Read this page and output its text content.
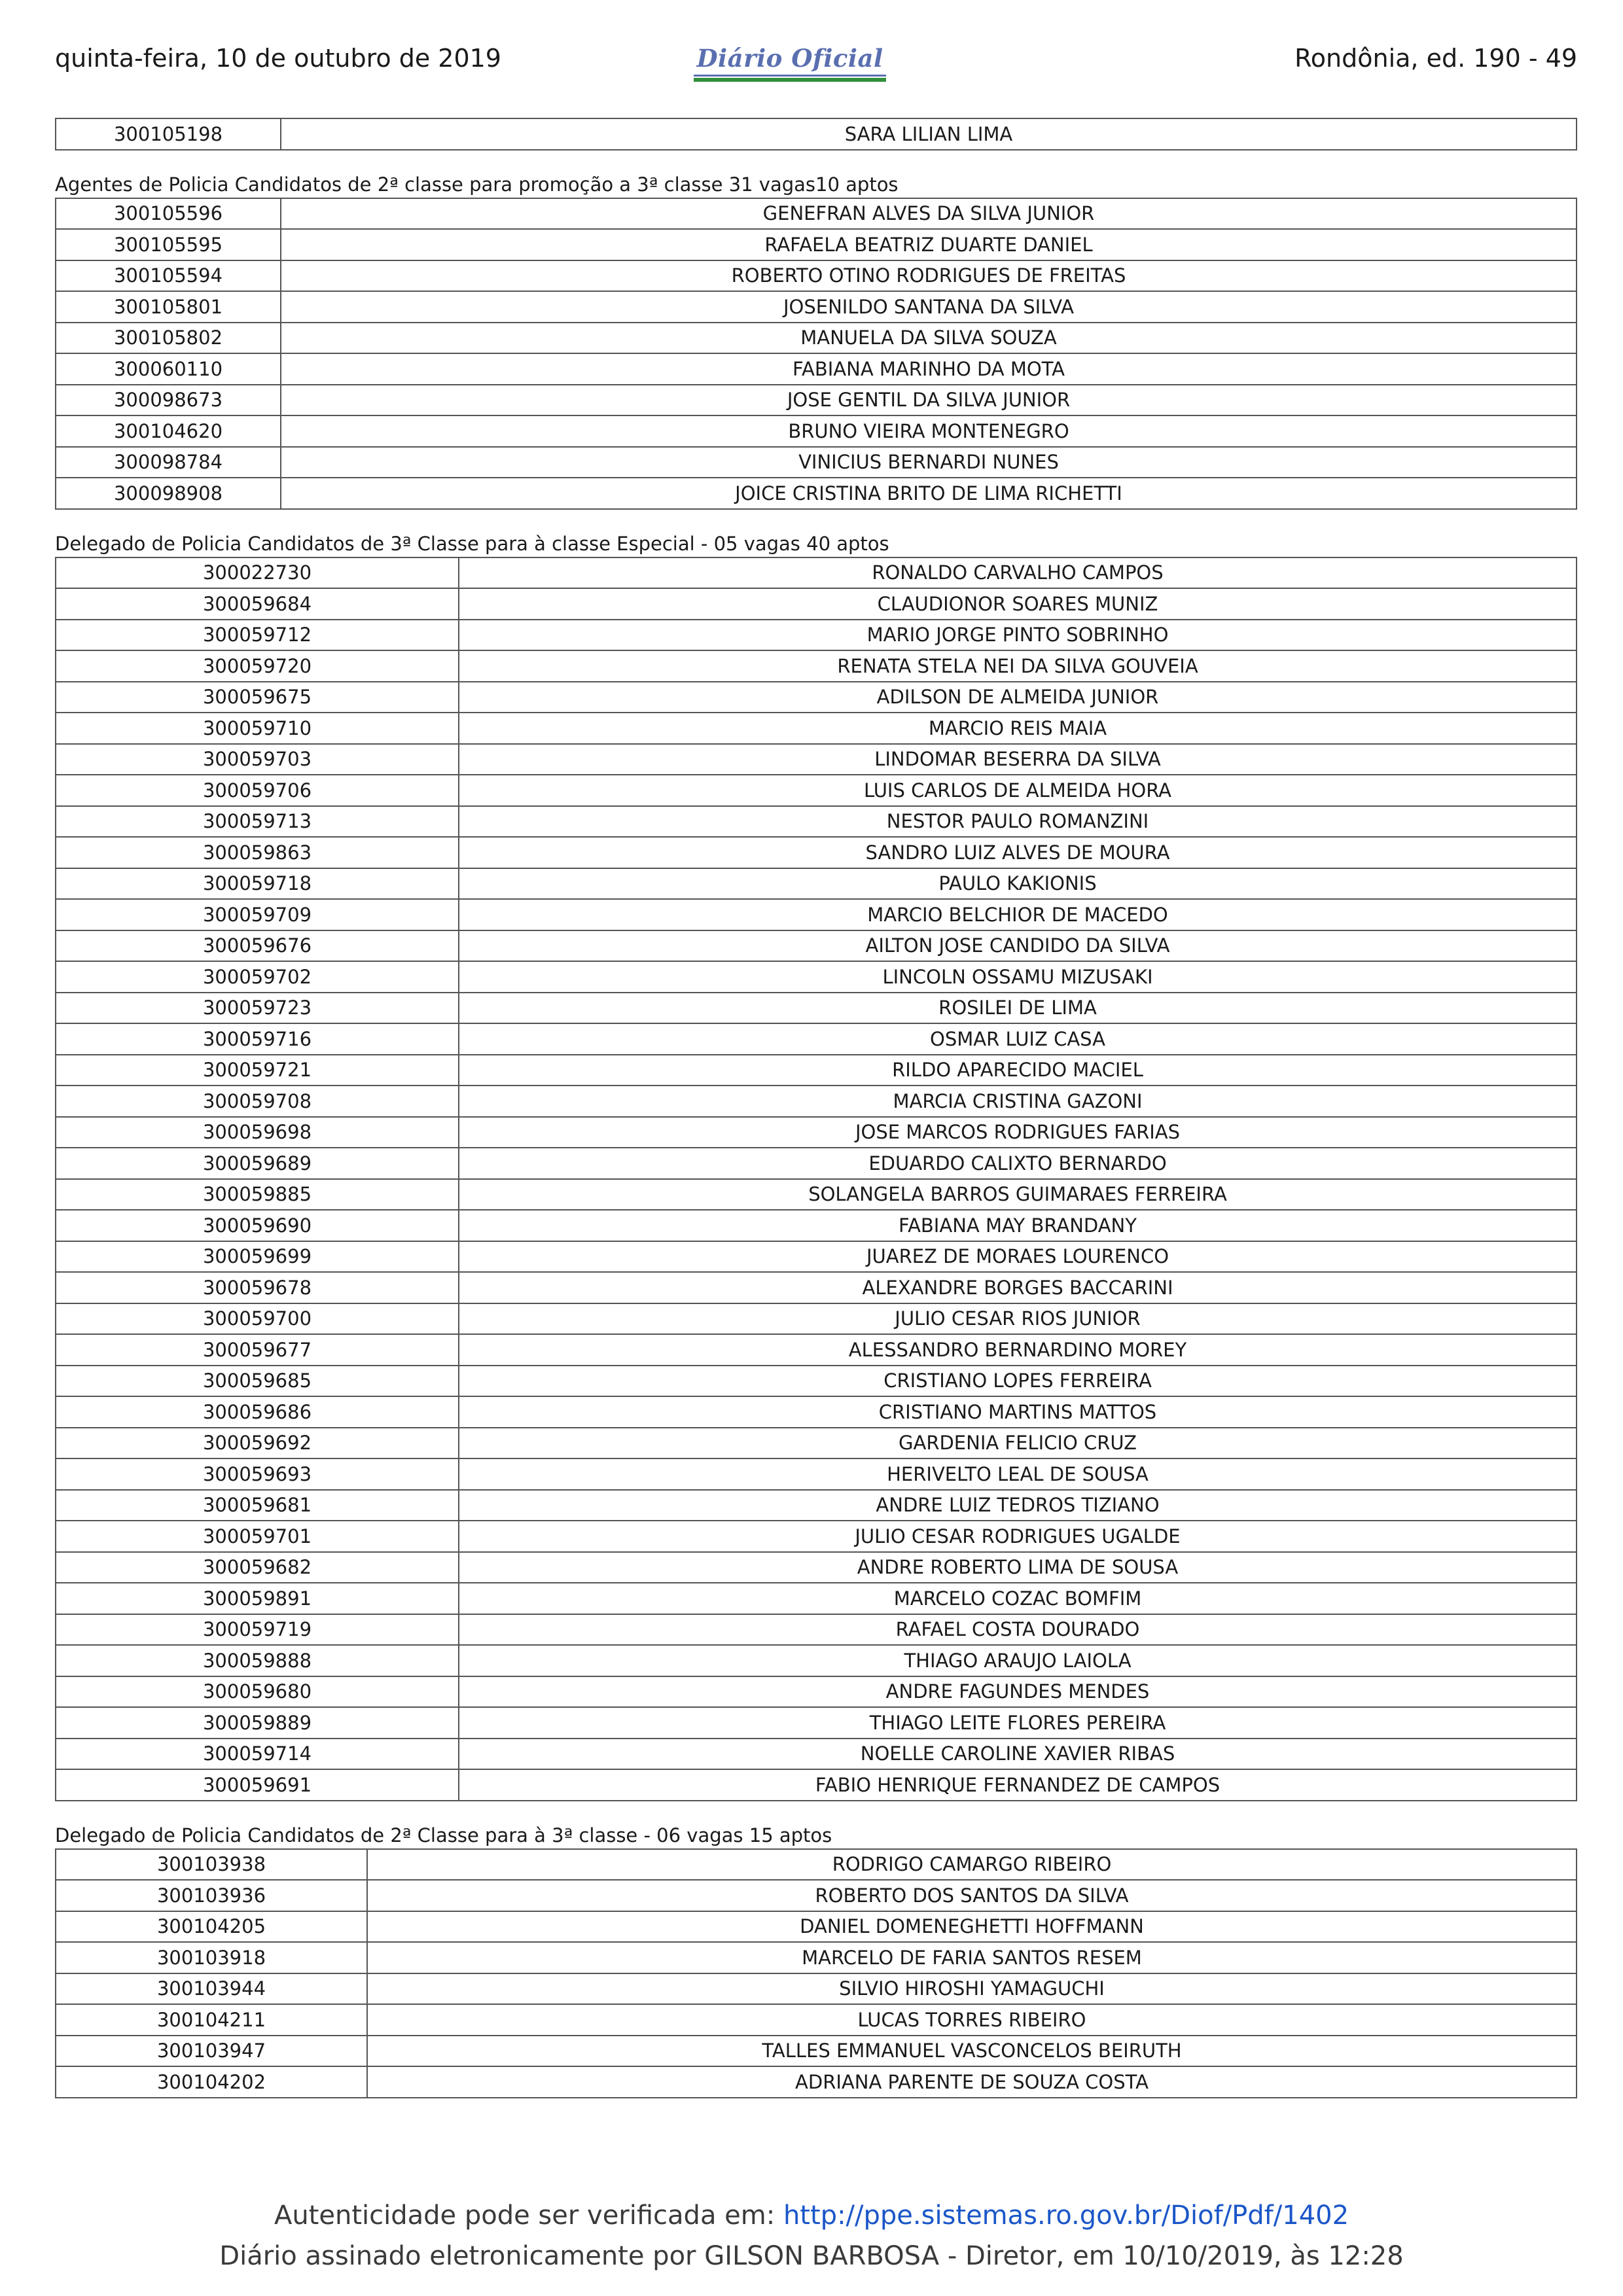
quinta-feira, 10 de outubro de 2019	Diário Oficial	Rondônia, ed. 190 - 49
300105198	SARA LILIAN LIMA
Agentes de Policia Candidatos de 2ª classe para promoção a 3ª classe 31 vagas10 aptos
300105596	GENEFRAN ALVES DA SILVA JUNIOR
300105595	RAFAELA BEATRIZ DUARTE DANIEL
300105594	ROBERTO OTINO RODRIGUES DE FREITAS
300105801	JOSENILDO SANTANA DA SILVA
300105802	MANUELA DA SILVA SOUZA
300060110	FABIANA MARINHO DA MOTA
300098673	JOSE GENTIL DA SILVA JUNIOR
300104620	BRUNO VIEIRA MONTENEGRO
300098784	VINICIUS BERNARDI NUNES
300098908	JOICE CRISTINA BRITO DE LIMA RICHETTI
Delegado de Policia Candidatos de 3ª Classe para à classe Especial - 05 vagas 40 aptos
300022730	RONALDO CARVALHO CAMPOS
300059684	CLAUDIONOR SOARES MUNIZ
300059712	MARIO JORGE PINTO SOBRINHO
300059720	RENATA STELA NEI DA SILVA GOUVEIA
300059675	ADILSON DE ALMEIDA JUNIOR
300059710	MARCIO REIS MAIA
300059703	LINDOMAR BESERRA DA SILVA
300059706	LUIS CARLOS DE ALMEIDA HORA
300059713	NESTOR PAULO ROMANZINI
300059863	SANDRO LUIZ ALVES DE MOURA
300059718	PAULO KAKIONIS
300059709	MARCIO BELCHIOR DE MACEDO
300059676	AILTON JOSE CANDIDO DA SILVA
300059702	LINCOLN OSSAMU MIZUSAKI
300059723	ROSILEI DE LIMA
300059716	OSMAR LUIZ CASA
300059721	RILDO APARECIDO MACIEL
300059708	MARCIA CRISTINA GAZONI
300059698	JOSE MARCOS RODRIGUES FARIAS
300059689	EDUARDO CALIXTO BERNARDO
300059885	SOLANGELA BARROS GUIMARAES FERREIRA
300059690	FABIANA MAY BRANDANY
300059699	JUAREZ DE MORAES LOURENCO
300059678	ALEXANDRE BORGES BACCARINI
300059700	JULIO CESAR RIOS JUNIOR
300059677	ALESSANDRO BERNARDINO MOREY
300059685	CRISTIANO LOPES FERREIRA
300059686	CRISTIANO MARTINS MATTOS
300059692	GARDENIA FELICIO CRUZ
300059693	HERIVELTO LEAL DE SOUSA
300059681	ANDRE LUIZ TEDROS TIZIANO
300059701	JULIO CESAR RODRIGUES UGALDE
300059682	ANDRE ROBERTO LIMA DE SOUSA
300059891	MARCELO COZAC BOMFIM
300059719	RAFAEL COSTA DOURADO
300059888	THIAGO ARAUJO LAIOLA
300059680	ANDRE FAGUNDES MENDES
300059889	THIAGO LEITE FLORES PEREIRA
300059714	NOELLE CAROLINE XAVIER RIBAS
300059691	FABIO HENRIQUE FERNANDEZ DE CAMPOS
Delegado de Policia Candidatos de 2ª Classe para à 3ª classe - 06 vagas 15 aptos
300103938	RODRIGO CAMARGO RIBEIRO
300103936	ROBERTO DOS SANTOS DA SILVA
300104205	DANIEL DOMENEGHETTI HOFFMANN
300103918	MARCELO DE FARIA SANTOS RESEM
300103944	SILVIO HIROSHI YAMAGUCHI
300104211	LUCAS TORRES RIBEIRO
300103947	TALLES EMMANUEL VASCONCELOS BEIRUTH
300104202	ADRIANA PARENTE DE SOUZA COSTA
Autenticidade pode ser verificada em: http://ppe.sistemas.ro.gov.br/Diof/Pdf/1402
Diário assinado eletronicamente por GILSON BARBOSA - Diretor, em 10/10/2019, às 12:28
